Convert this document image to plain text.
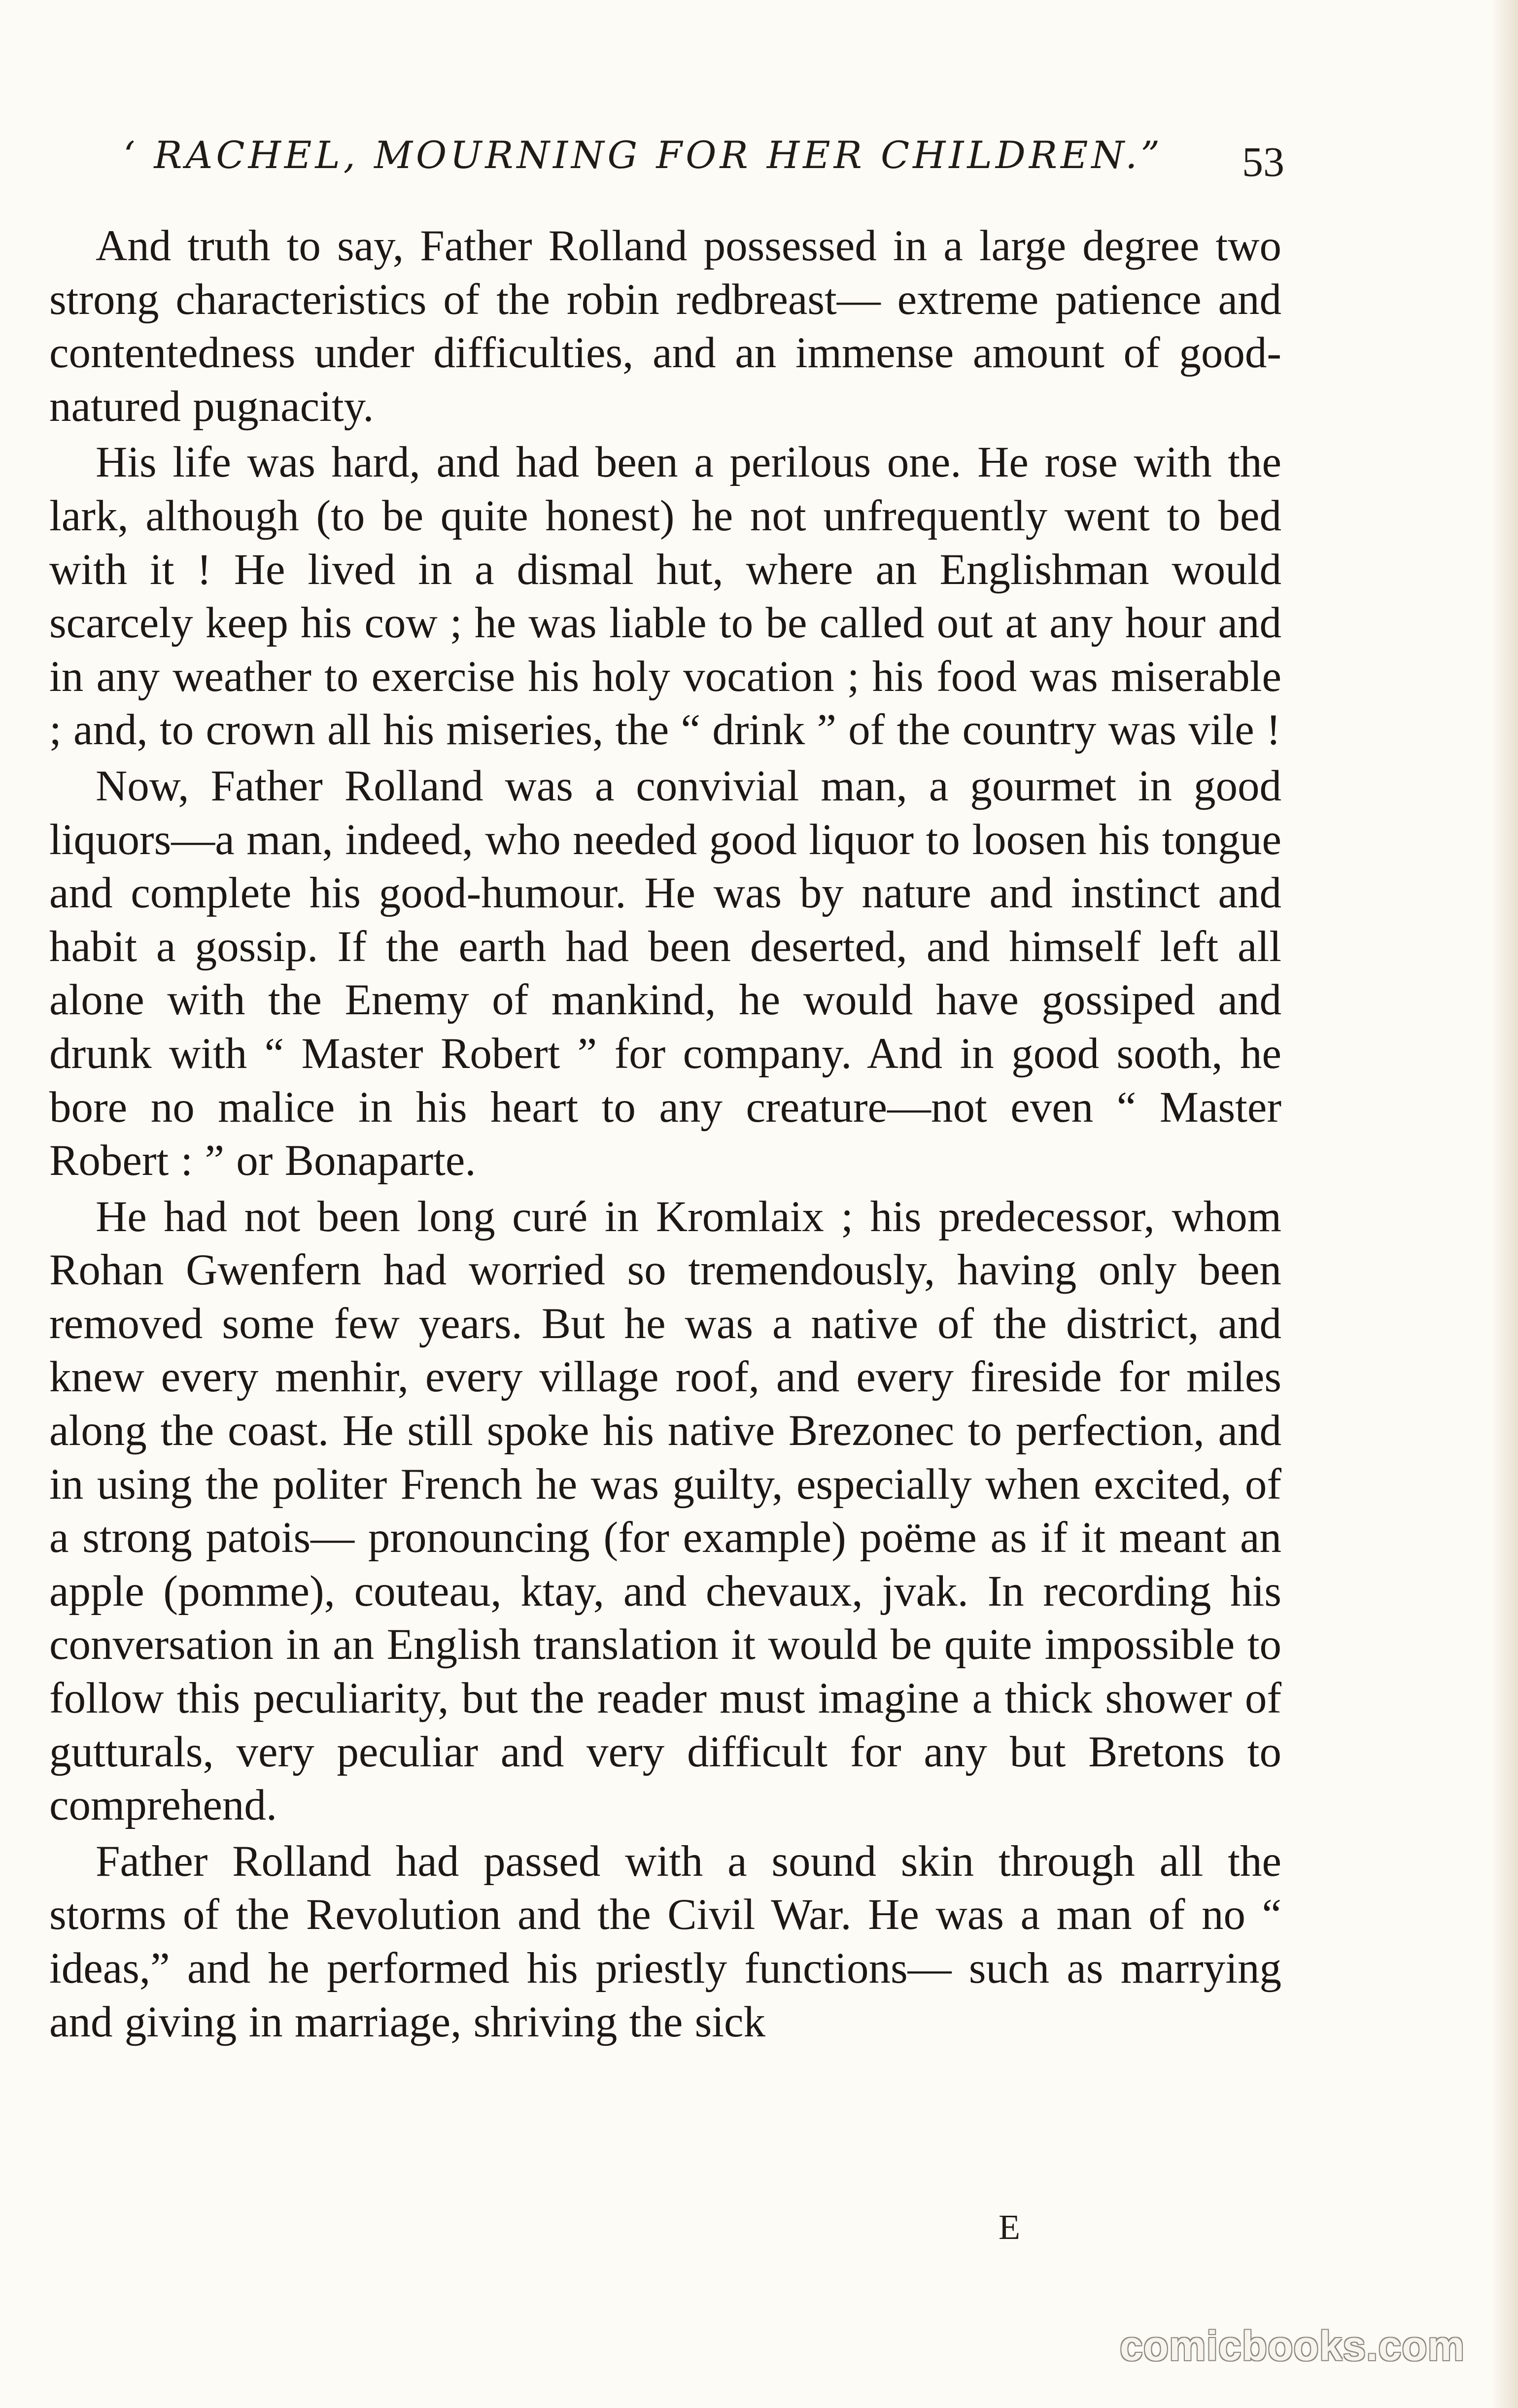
‘ RACHEL, MOURNING FOR HER CHILDREN.”	53

And truth to say, Father Rolland possessed in a large degree two strong characteristics of the robin redbreast— extreme patience and contentedness under difficulties, and an immense amount of good-natured pugnacity.

His life was hard, and had been a perilous one. He rose with the lark, although (to be quite honest) he not unfrequently went to bed with it ! He lived in a dismal hut, where an Englishman would scarcely keep his cow ; he was liable to be called out at any hour and in any weather to exercise his holy vocation ; his food was miserable ; and, to crown all his miseries, the “ drink ” of the country was vile !

Now, Father Rolland was a convivial man, a gourmet in good liquors—a man, indeed, who needed good liquor to loosen his tongue and complete his good-humour. He was by nature and instinct and habit a gossip. If the earth had been deserted, and himself left all alone with the Enemy of mankind, he would have gossiped and drunk with “ Master Robert ” for company. And in good sooth, he bore no malice in his heart to any creature—not even “ Master Robert : ” or Bonaparte.

He had not been long curé in Kromlaix ; his predecessor, whom Rohan Gwenfern had worried so tremendously, having only been removed some few years. But he was a native of the district, and knew every menhir, every village roof, and every fireside for miles along the coast. He still spoke his native Brezonec to perfection, and in using the politer French he was guilty, especially when excited, of a strong patois— pronouncing (for example) poëme as if it meant an apple (pomme), couteau, ktay, and chevaux, jvak. In recording his conversation in an English translation it would be quite impossible to follow this peculiarity, but the reader must imagine a thick shower of gutturals, very peculiar and very difficult for any but Bretons to comprehend.

Father Rolland had passed with a sound skin through all the storms of the Revolution and the Civil War. He was a man of no “ ideas,” and he performed his priestly functions— such as marrying and giving in marriage, shriving the sick

E
comicbooks.com
